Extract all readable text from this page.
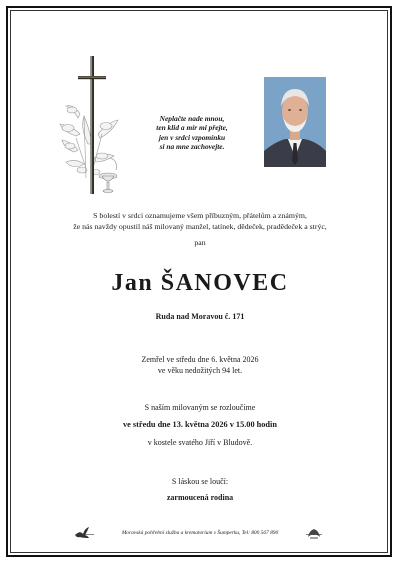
Neplačte nade mnou,
ten klid a mír mi přejte,
jen v srdci vzpomínku
si na mne zachovejte.
S bolestí v srdci oznamujeme všem příbuzným, přátelům a známým,
že nás navždy opustil náš milovaný manžel, tatínek, dědeček, pradědeček a strýc,
pan
Jan ŠANOVEC
Ruda nad Moravou č. 171
Zemřel ve středu dne 6. května 2026
ve věku nedožitých 94 let.
S naším milovaným se rozloučíme
ve středu dne 13. května 2026 v 15.00 hodin
v kostele svatého Jiří v Bludově.
S láskou se loučí:
zarmoucená rodina
Moravská pohřební služba a krematorium v Šumperku, Tel: 800 567 890
